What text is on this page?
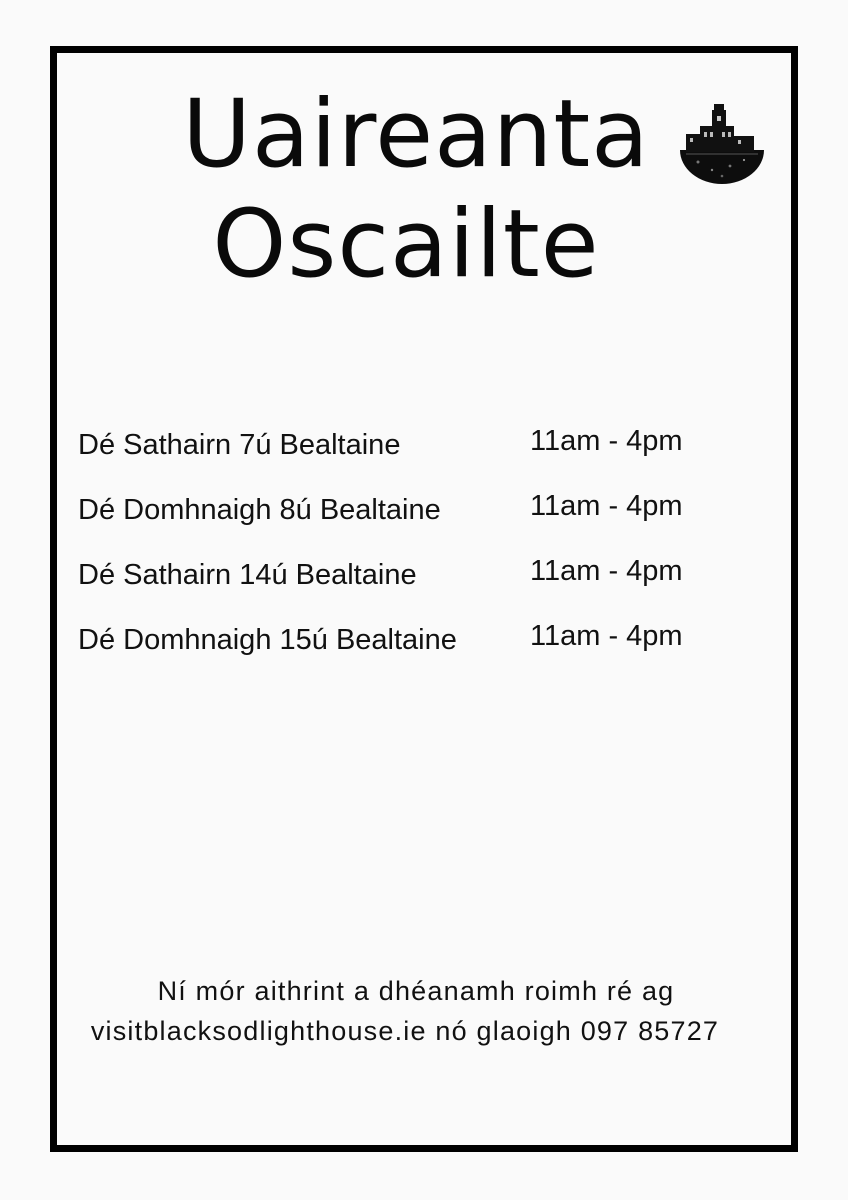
Uaireanta
Oscailte
Dé Sathairn 7ú Bealtaine	11am - 4pm
Dé Domhnaigh 8ú Bealtaine	11am - 4pm
Dé Sathairn 14ú Bealtaine	11am - 4pm
Dé Domhnaigh 15ú Bealtaine	11am - 4pm
Ní mór aithrint a dhéanamh roimh ré ag
visitblacksodlighthouse.ie nó glaoigh 097 85727
